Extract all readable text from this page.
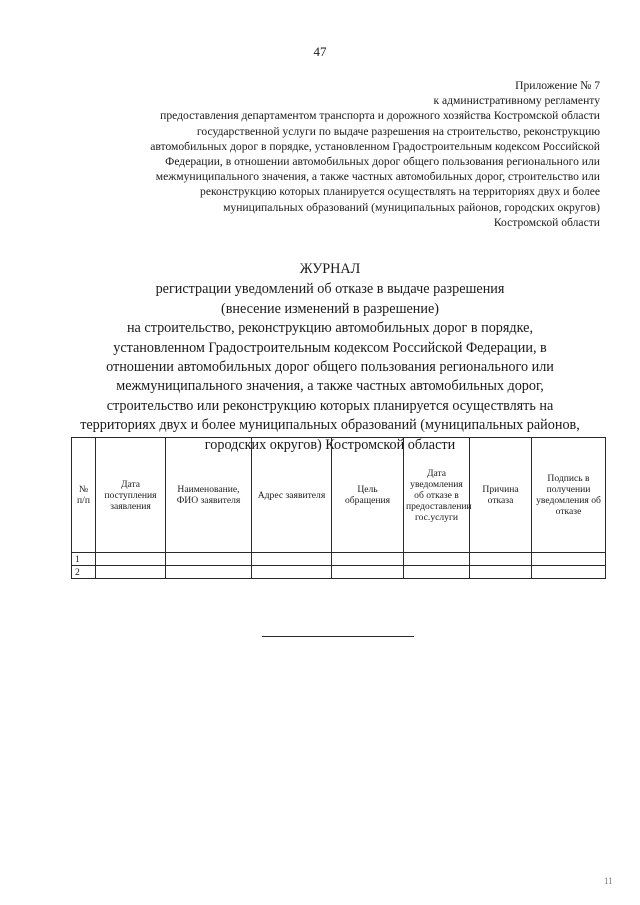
47
Приложение № 7
к административному регламенту
предоставления департаментом транспорта и дорожного хозяйства Костромской области
государственной услуги по выдаче разрешения на строительство, реконструкцию
автомобильных дорог в порядке, установленном Градостроительным кодексом Российской
Федерации, в отношении автомобильных дорог общего пользования регионального или
межмуниципального значения, а также частных автомобильных дорог, строительство или
реконструкцию которых планируется осуществлять на территориях двух и более
муниципальных образований (муниципальных районов, городских округов)
Костромской области
ЖУРНАЛ
регистрации уведомлений об отказе в выдаче разрешения
(внесение изменений в разрешение)
на строительство, реконструкцию автомобильных дорог в порядке,
установленном Градостроительным кодексом Российской Федерации, в
отношении автомобильных дорог общего пользования регионального или
межмуниципального значения, а также частных автомобильных дорог,
строительство или реконструкцию которых планируется осуществлять на
территориях двух и более муниципальных образований (муниципальных районов,
городских округов) Костромской области
№ п/п	Дата поступления заявления	Наименование, ФИО заявителя	Адрес заявителя	Цель обращения	Дата уведомления об отказе в предоставлении гос.услуги	Причина отказа	Подпись в получении уведомления об отказе
1							
2							
11
